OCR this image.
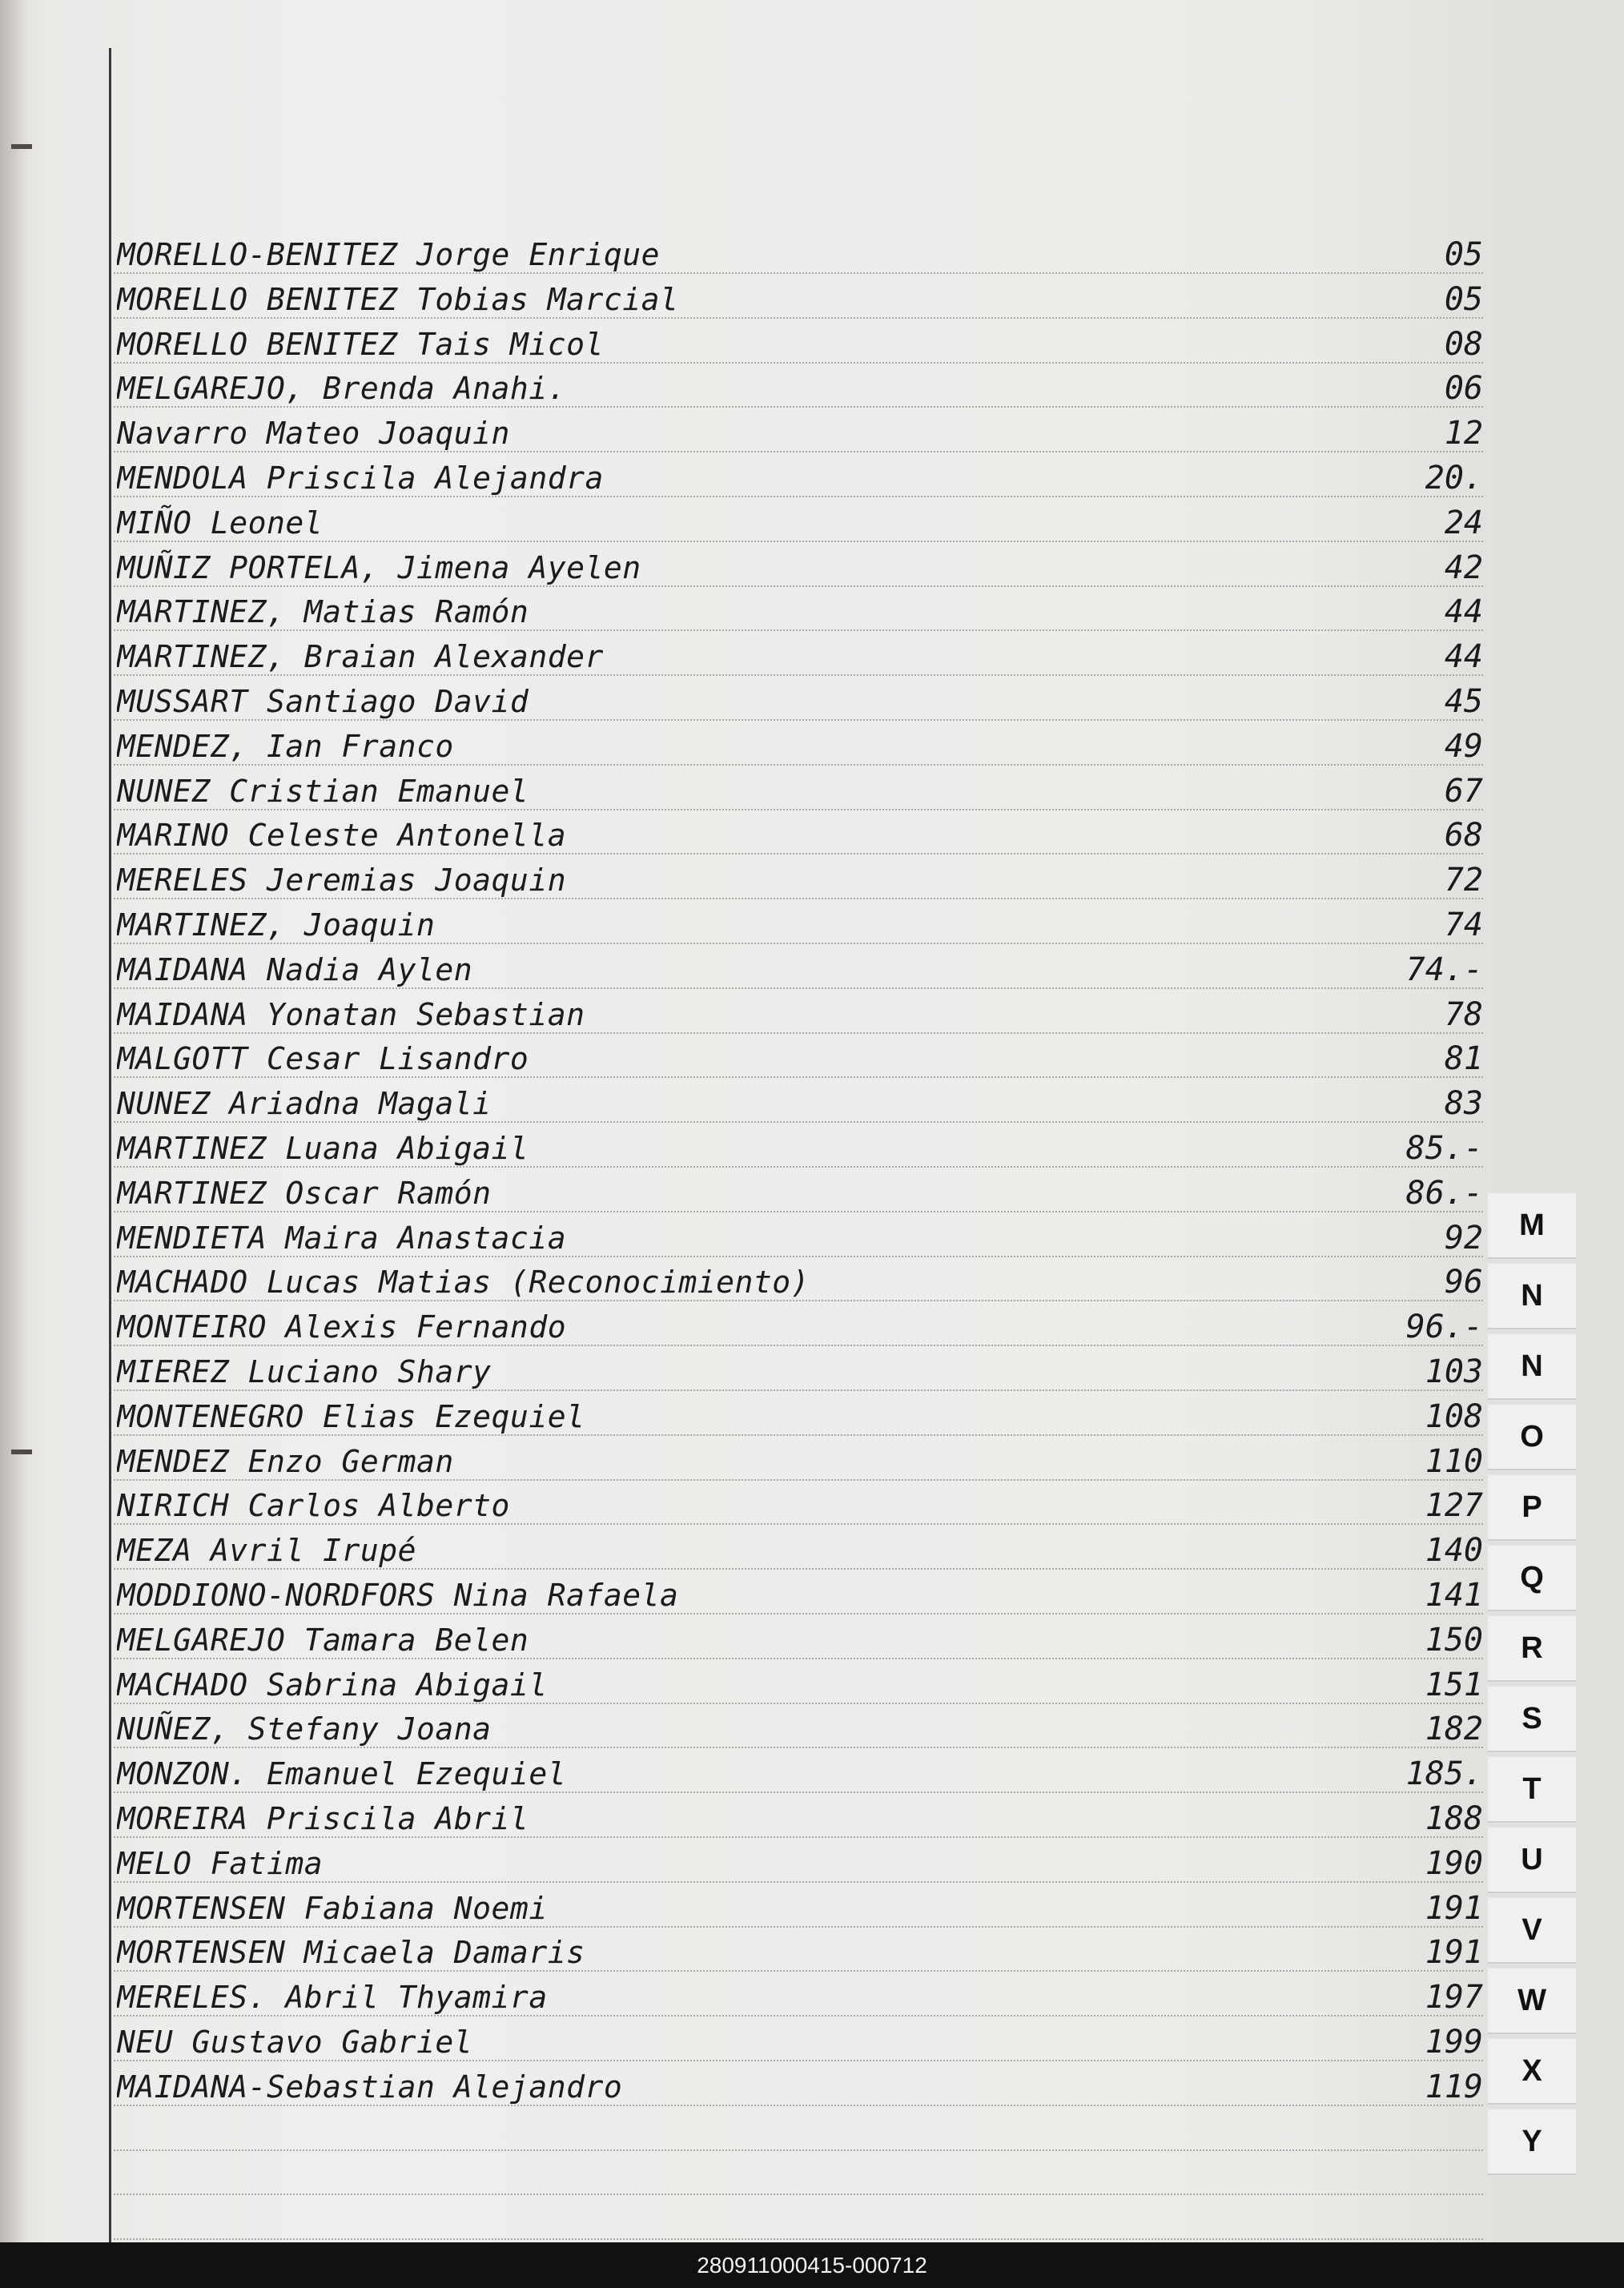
MORELLO-BENITEZ Jorge Enrique	05
MORELLO BENITEZ Tobias Marcial	05
MORELLO BENITEZ Tais Micol	08
MELGAREJO, Brenda Anahi.	06
Navarro Mateo Joaquin	12
MENDOLA Priscila Alejandra	20.
MIÑO Leonel	24
MUÑIZ PORTELA, Jimena Ayelen	42
MARTINEZ, Matias Ramón	44
MARTINEZ, Braian Alexander	44
MUSSART Santiago David	45
MENDEZ, Ian Franco	49
NUNEZ Cristian Emanuel	67
MARINO Celeste Antonella	68
MERELES Jeremias Joaquin	72
MARTINEZ, Joaquin	74
MAIDANA Nadia Aylen	74.-
MAIDANA Yonatan Sebastian	78
MALGOTT Cesar Lisandro	81
NUNEZ Ariadna Magali	83
MARTINEZ Luana Abigail	85.-
MARTINEZ Oscar Ramón	86.-
MENDIETA Maira Anastacia	92
MACHADO Lucas Matias (Reconocimiento)	96
MONTEIRO Alexis Fernando	96.-
MIEREZ Luciano Shary	103
MONTENEGRO Elias Ezequiel	108
MENDEZ Enzo German	110
NIRICH Carlos Alberto	127
MEZA Avril Irupé	140
MODDIONO-NORDFORS Nina Rafaela	141
MELGAREJO Tamara Belen	150
MACHADO Sabrina Abigail	151
NUÑEZ, Stefany Joana	182
MONZON. Emanuel Ezequiel	185.
MOREIRA Priscila Abril	188
MELO Fatima	190
MORTENSEN Fabiana Noemi	191
MORTENSEN Micaela Damaris	191
MERELES. Abril Thyamira	197
NEU Gustavo Gabriel	199
MAIDANA-Sebastian Alejandro	119
M
N
N
O
P
Q
R
S
T
U
V
W
X
Y
280911000415-000712
